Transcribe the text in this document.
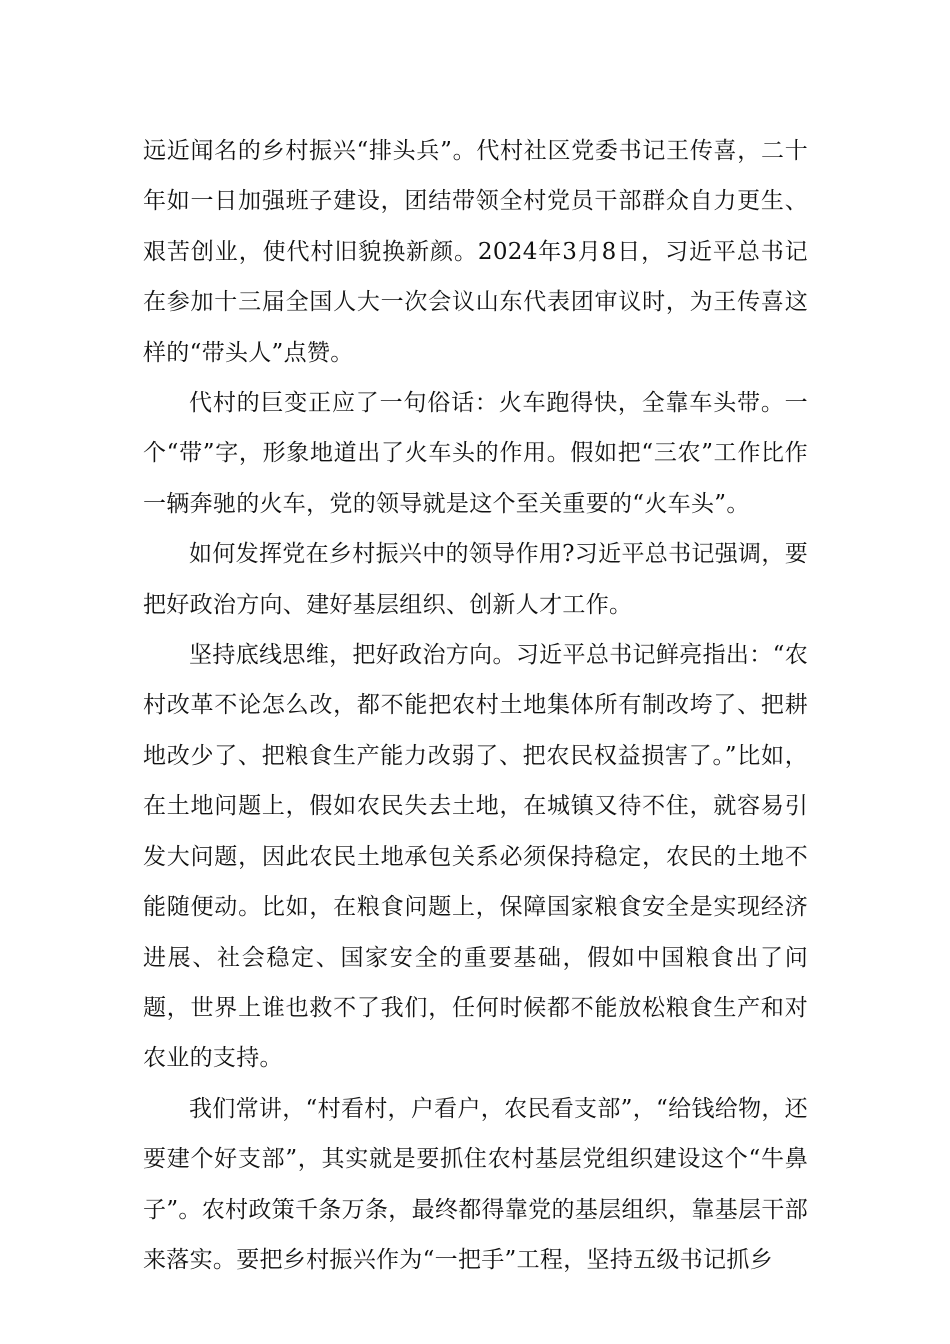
远近闻名的乡村振兴“排头兵”。代村社区党委书记王传喜，二十年如一日加强班子建设，团结带领全村党员干部群众自力更生、艰苦创业，使代村旧貌换新颜。2024年3月8日，习近平总书记在参加十三届全国人大一次会议山东代表团审议时，为王传喜这样的“带头人”点赞。

代村的巨变正应了一句俗话：火车跑得快，全靠车头带。一个“带”字，形象地道出了火车头的作用。假如把“三农”工作比作一辆奔驰的火车，党的领导就是这个至关重要的“火车头”。

如何发挥党在乡村振兴中的领导作用?习近平总书记强调，要把好政治方向、建好基层组织、创新人才工作。

坚持底线思维，把好政治方向。习近平总书记鲜亮指出：“农村改革不论怎么改，都不能把农村土地集体所有制改垮了、把耕地改少了、把粮食生产能力改弱了、把农民权益损害了。”比如，在土地问题上，假如农民失去土地，在城镇又待不住，就容易引发大问题，因此农民土地承包关系必须保持稳定，农民的土地不能随便动。比如，在粮食问题上，保障国家粮食安全是实现经济进展、社会稳定、国家安全的重要基础，假如中国粮食出了问题，世界上谁也救不了我们，任何时候都不能放松粮食生产和对农业的支持。

我们常讲，“村看村，户看户，农民看支部”，“给钱给物，还要建个好支部”，其实就是要抓住农村基层党组织建设这个“牛鼻子”。农村政策千条万条，最终都得靠党的基层组织，靠基层干部来落实。要把乡村振兴作为“一把手”工程，坚持五级书记抓乡
